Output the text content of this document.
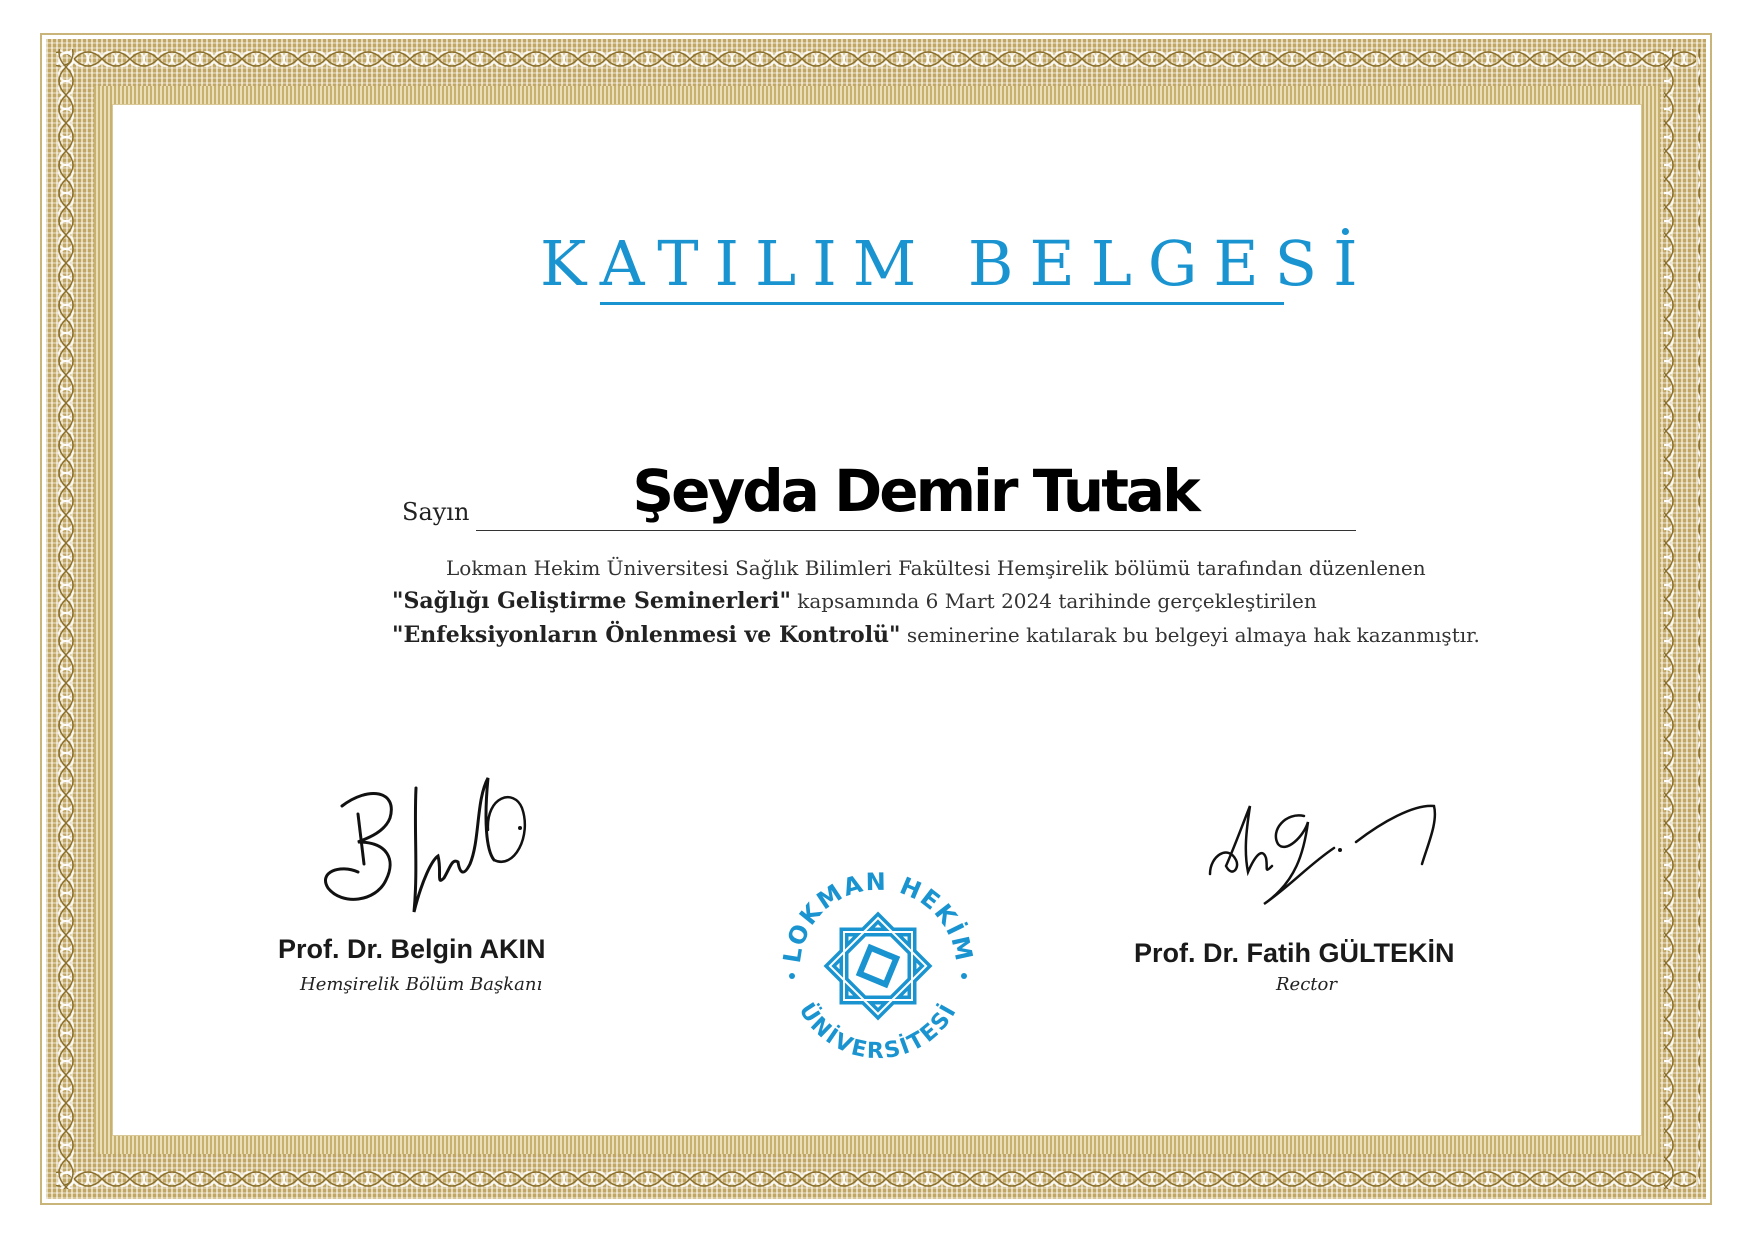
KATILIM BELGESİ
Sayın	Şeyda Demir Tutak
Lokman Hekim Üniversitesi Sağlık Bilimleri Fakültesi Hemşirelik bölümü tarafından düzenlenen
"Sağlığı Geliştirme Seminerleri" kapsamında 6 Mart 2024 tarihinde gerçekleştirilen
"Enfeksiyonların Önlenmesi ve Kontrolü" seminerine katılarak bu belgeyi almaya hak kazanmıştır.
Prof. Dr. Belgin AKIN
Hemşirelik Bölüm Başkanı
Prof. Dr. Fatih GÜLTEKİN
Rector
LOKMAN HEKİM
ÜNİVERSİTESİ
